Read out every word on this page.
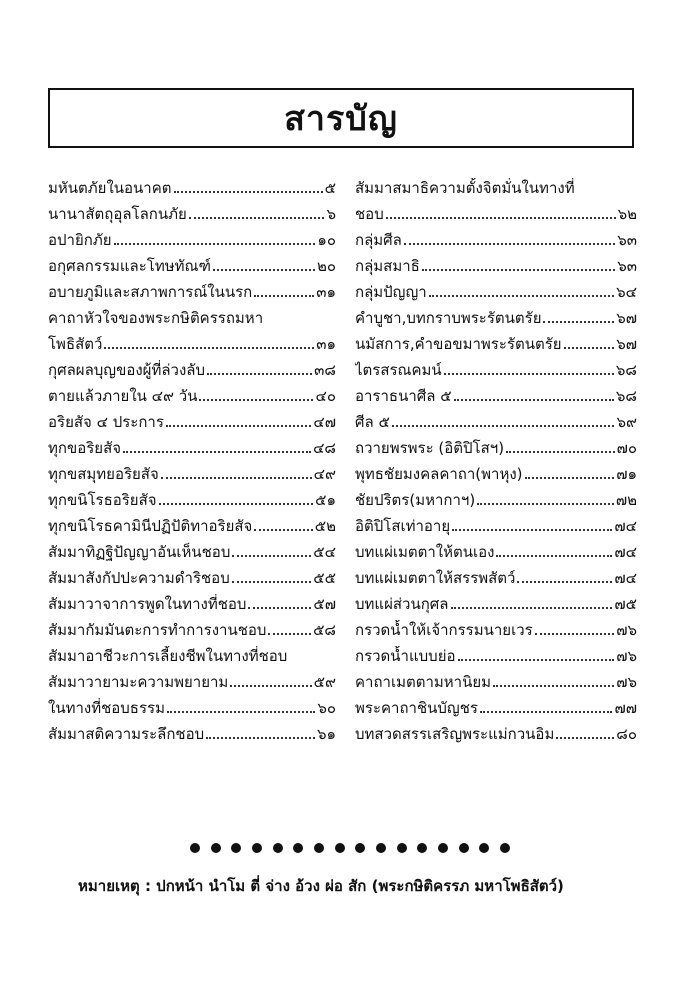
สารบัญ
มหันตภัยในอนาคต	๕
นานาสัตถุอุลโลกนภัย	๖
อปายิกภัย	๑๐
อกุศลกรรมและโทษทัณฑ์	๒๐
อบายภูมิและสภาพการณ์ในนรก	๓๑
คาถาหัวใจของพระกษิติครรถมหา
โพธิสัตว์	๓๑
กุศลผลบุญของผู้ที่ล่วงลับ	๓๘
ตายแล้วภายใน ๔๙ วัน	๔๐
อริยสัจ ๔ ประการ	๔๗
ทุกขอริยสัจ	๔๘
ทุกขสมุทยอริยสัจ	๔๙
ทุกขนิโรธอริยสัจ	๕๑
ทุกขนิโรธคามินีปฏิปัติทาอริยสัจ	๕๒
สัมมาทิฏฐิปัญญาอันเห็นชอบ	๕๔
สัมมาสังกัปปะความดำริชอบ	๕๕
สัมมาวาจาการพูดในทางที่ชอบ	๕๗
สัมมากัมมันตะการทำการงานชอบ	๕๘
สัมมาอาชีวะการเลี้ยงชีพในทางที่ชอบ
สัมมาวายามะความพยายาม	๕๙
ในทางที่ชอบธรรม	๖๐
สัมมาสติความระลึกชอบ	๖๑
สัมมาสมาธิความตั้งจิตมั่นในทางที่
ชอบ	๖๒
กลุ่มศีล	๖๓
กลุ่มสมาธิ	๖๓
กลุ่มปัญญา	๖๔
คำบูชา,บทกราบพระรัตนตรัย	๖๗
นมัสการ,คำขอขมาพระรัตนตรัย	๖๗
ไตรสรณคมน์	๖๘
อาราธนาศีล ๕	๖๘
ศีล ๕	๖๙
ถวายพรพระ (อิติปิโสฯ)	๗๐
พุทธชัยมงคลคาถา(พาหุง)	๗๑
ชัยปริตร(มหากาฯ)	๗๒
อิติปิโสเท่าอายุ	๗๔
บทแผ่เมตตาให้ตนเอง	๗๔
บทแผ่เมตตาให้สรรพสัตว์	๗๔
บทแผ่ส่วนกุศล	๗๕
กรวดน้ำให้เจ้ากรรมนายเวร	๗๖
กรวดน้ำแบบย่อ	๗๖
คาถาเมตตามหานิยม	๗๖
พระคาถาชินบัญชร	๗๗
บทสวดสรรเสริญพระแม่กวนอิม	๘๐
หมายเหตุ : ปกหน้า นำโม ตี่ จ่าง อ้วง ผ่อ สัก (พระกษิติครรภ มหาโพธิสัตว์)
